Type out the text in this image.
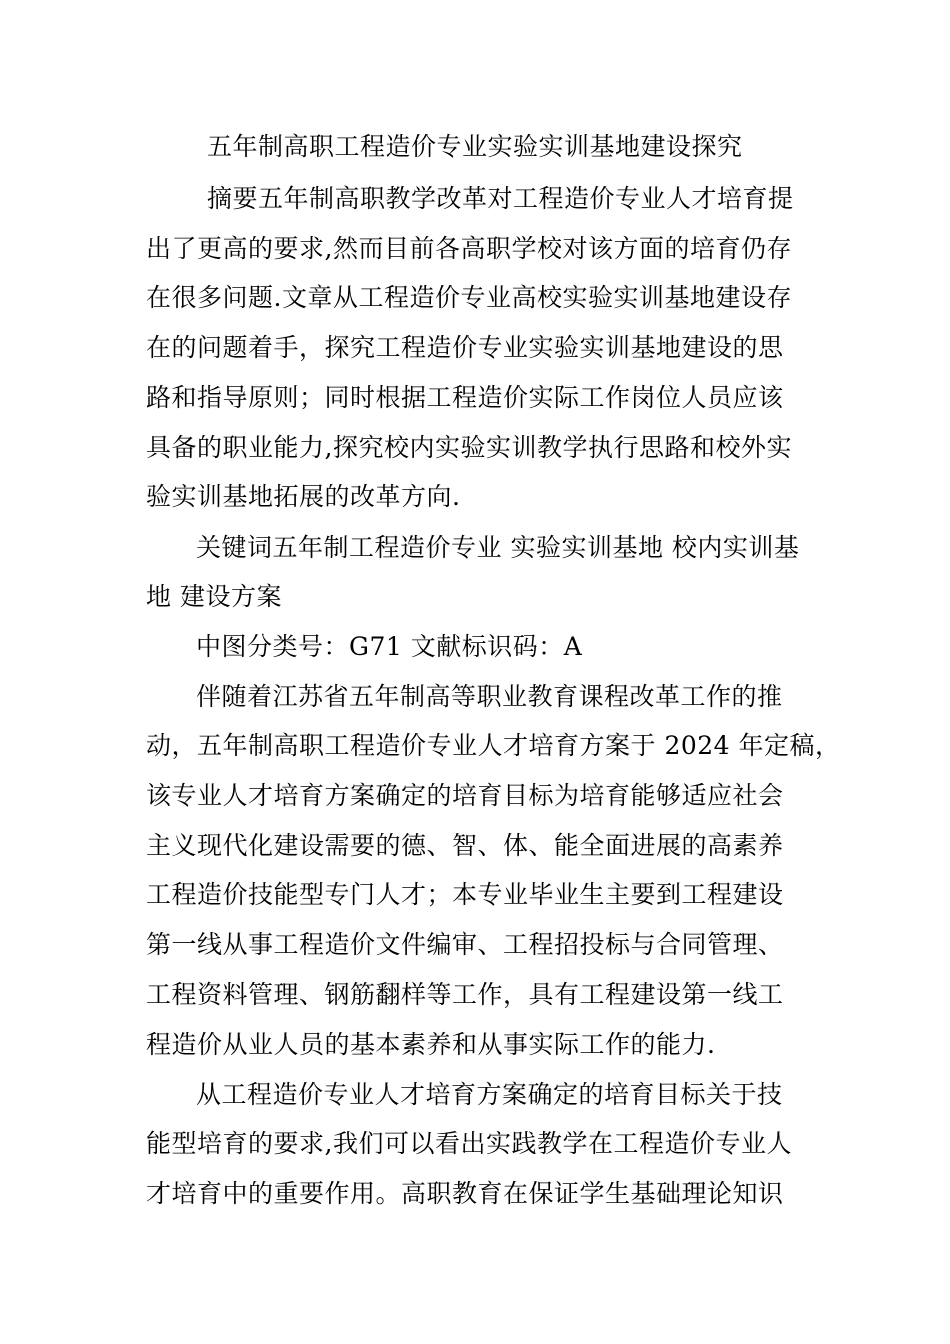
五年制高职工程造价专业实验实训基地建设探究
摘要五年制高职教学改革对工程造价专业人才培育提
出了更高的要求,然而目前各高职学校对该方面的培育仍存
在很多问题.文章从工程造价专业高校实验实训基地建设存
在的问题着手，探究工程造价专业实验实训基地建设的思
路和指导原则；同时根据工程造价实际工作岗位人员应该
具备的职业能力,探究校内实验实训教学执行思路和校外实
验实训基地拓展的改革方向.
关键词五年制工程造价专业 实验实训基地 校内实训基
地 建设方案
中图分类号：G71 文献标识码：A
伴随着江苏省五年制高等职业教育课程改革工作的推
动，五年制高职工程造价专业人才培育方案于 2024 年定稿，
该专业人才培育方案确定的培育目标为培育能够适应社会
主义现代化建设需要的德、智、体、能全面进展的高素养
工程造价技能型专门人才；本专业毕业生主要到工程建设
第一线从事工程造价文件编审、工程招投标与合同管理、
工程资料管理、钢筋翻样等工作，具有工程建设第一线工
程造价从业人员的基本素养和从事实际工作的能力.
从工程造价专业人才培育方案确定的培育目标关于技
能型培育的要求,我们可以看出实践教学在工程造价专业人
才培育中的重要作用。高职教育在保证学生基础理论知识
